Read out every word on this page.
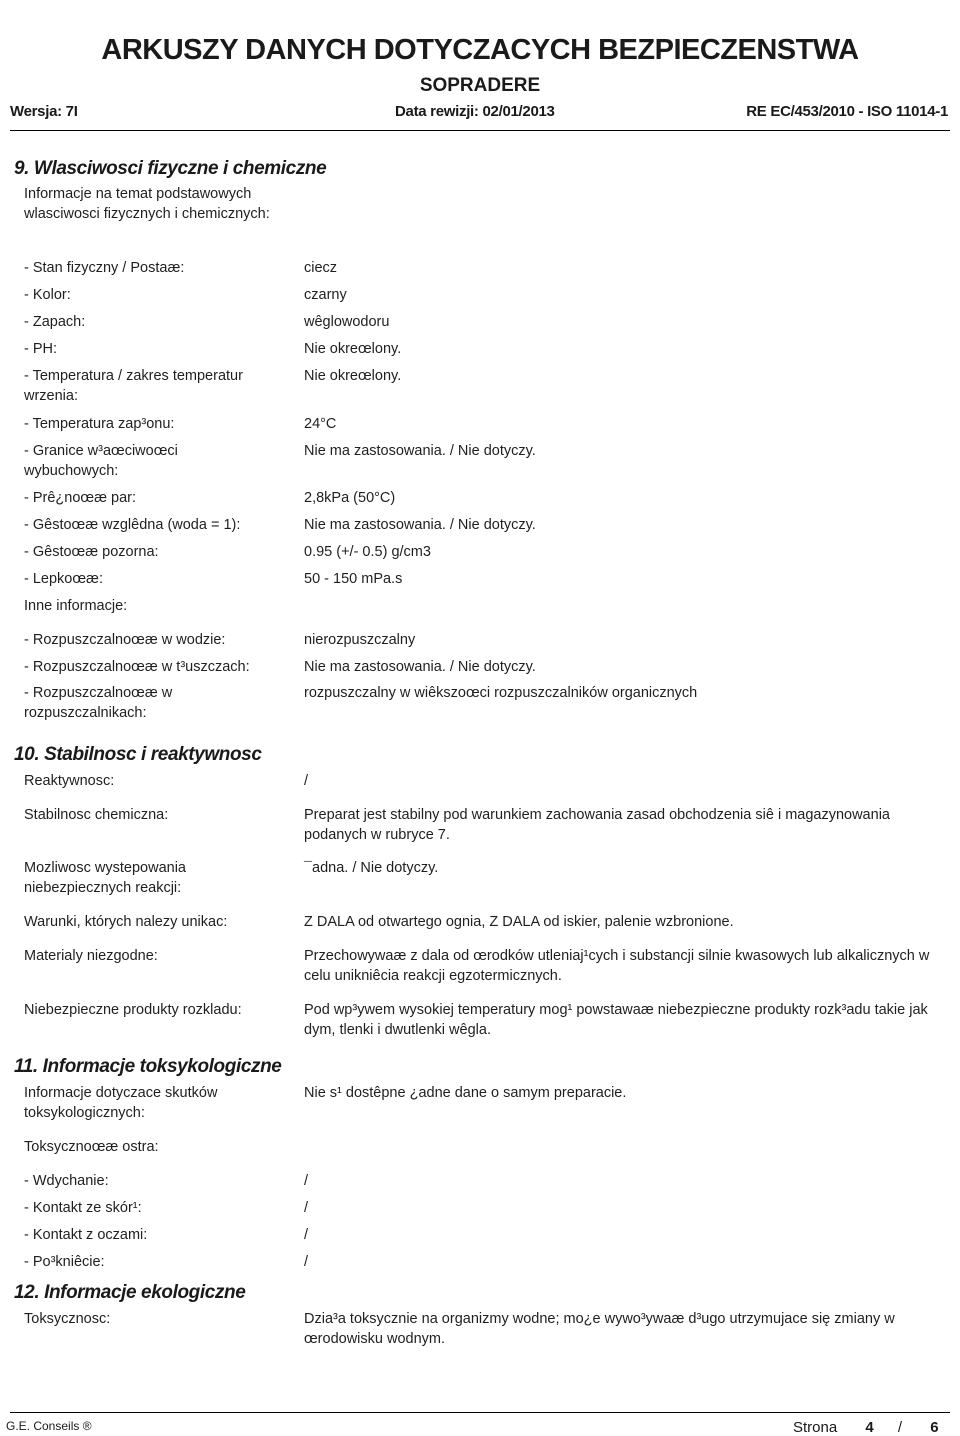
ARKUSZY DANYCH DOTYCZACYCH BEZPIECZENSTWA
SOPRADERE
Wersja: 7I	Data rewizji: 02/01/2013	RE EC/453/2010 - ISO 11014-1
9. Wlasciwosci fizyczne i chemiczne
Informacje na temat podstawowych wlasciwosci fizycznych i chemicznych:
- Stan fizyczny / Postaæ:	ciecz
- Kolor:	czarny
- Zapach:	wêglowodoru
- PH:	Nie okreœlony.
- Temperatura / zakres temperatur wrzenia:
Nie okreœlony.
- Temperatura zap³onu:	24°C
- Granice w³aœciwoœci wybuchowych:
Nie ma zastosowania. / Nie dotyczy.
- Prê¿noœæ par:	2,8kPa (50°C)
- Gêstoœæ wzglêdna (woda = 1):	Nie ma zastosowania. / Nie dotyczy.
- Gêstoœæ pozorna:	0.95 (+/- 0.5) g/cm3
- Lepkoœæ:	50 - 150 mPa.s
Inne informacje:
- Rozpuszczalnoœæ w wodzie:	nierozpuszczalny
- Rozpuszczalnoœæ w t³uszczach:	Nie ma zastosowania. / Nie dotyczy.
- Rozpuszczalnoœæ w rozpuszczalnikach:
rozpuszczalny w wiêkszoœci rozpuszczalników organicznych
10. Stabilnosc i reaktywnosc
Reaktywnosc:	/
Stabilnosc chemiczna:	Preparat jest stabilny pod warunkiem zachowania zasad obchodzenia siê i magazynowania podanych w rubryce 7.
Mozliwosc wystepowania niebezpiecznych reakcji:
¯adna. / Nie dotyczy.
Warunki, których nalezy unikac:	Z DALA od otwartego ognia, Z DALA od iskier, palenie wzbronione.
Materialy niezgodne:	Przechowywaæ z dala od œrodków utleniaj¹cych i substancji silnie kwasowych lub alkalicznych w celu unikniêcia reakcji egzotermicznych.
Niebezpieczne produkty rozkladu:	Pod wp³ywem wysokiej temperatury mog¹ powstawaæ niebezpieczne produkty rozk³adu takie jak dym, tlenki i dwutlenki wêgla.
11. Informacje toksykologiczne
Informacje dotyczace skutków toksykologicznych:
Nie s¹ dostêpne ¿adne dane o samym preparacie.
Toksycznoœæ ostra:
- Wdychanie:	/
- Kontakt ze skór¹:	/
- Kontakt z oczami:	/
- Po³kniêcie:	/
12. Informacje ekologiczne
Toksycznosc:	Dzia³a toksycznie na organizmy wodne; mo¿e wywo³ywaæ d³ugo utrzymujace się zmiany w œrodowisku wodnym.
G.E. Conseils ®	Strona 4 / 6
